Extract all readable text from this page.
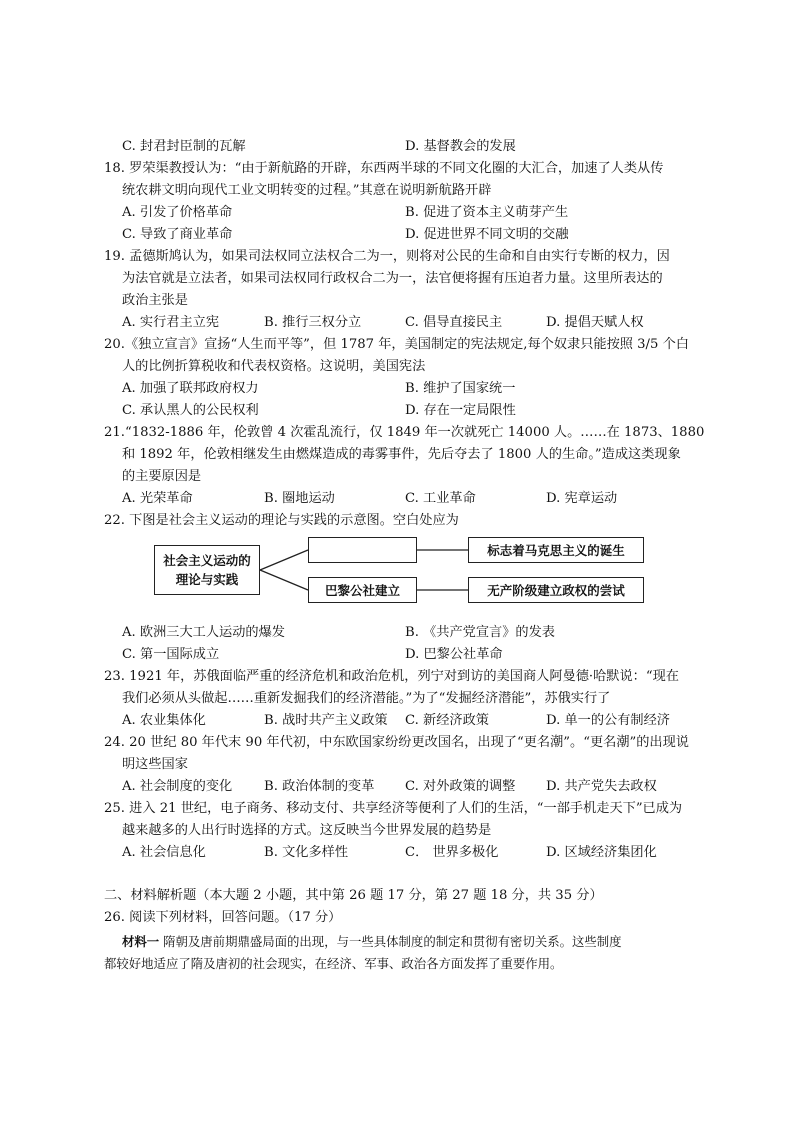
C. 封君封臣制的瓦解	D. 基督教会的发展
18. 罗荣渠教授认为：“由于新航路的开辟，东西两半球的不同文化圈的大汇合，加速了人类从传
统农耕文明向现代工业文明转变的过程。”其意在说明新航路开辟
A. 引发了价格革命	B. 促进了资本主义萌芽产生
C. 导致了商业革命	D. 促进世界不同文明的交融
19. 孟德斯鸠认为，如果司法权同立法权合二为一，则将对公民的生命和自由实行专断的权力，因
为法官就是立法者，如果司法权同行政权合二为一，法官便将握有压迫者力量。这里所表达的
政治主张是
A. 实行君主立宪	B. 推行三权分立	C. 倡导直接民主	D. 提倡天赋人权
20.《独立宣言》宣扬“人生而平等”，但 1787 年，美国制定的宪法规定,每个奴隶只能按照 3/5 个白
人的比例折算税收和代表权资格。这说明，美国宪法
A. 加强了联邦政府权力	B. 维护了国家统一
C. 承认黑人的公民权利	D. 存在一定局限性
21.“1832-1886 年，伦敦曾 4 次霍乱流行，仅 1849 年一次就死亡 14000 人。……在 1873、1880
和 1892 年，伦敦相继发生由燃煤造成的毒雾事件，先后夺去了 1800 人的生命。”造成这类现象
的主要原因是
A. 光荣革命	B. 圈地运动	C. 工业革命	D. 宪章运动
22. 下图是社会主义运动的理论与实践的示意图。空白处应为
社会主义运动的理论与实践
巴黎公社建立
标志着马克思主义的诞生
无产阶级建立政权的尝试
A. 欧洲三大工人运动的爆发	B. 《共产党宣言》的发表
C. 第一国际成立	D. 巴黎公社革命
23. 1921 年，苏俄面临严重的经济危机和政治危机，列宁对到访的美国商人阿曼德·哈默说：“现在
我们必须从头做起……重新发掘我们的经济潜能。”为了“发掘经济潜能”，苏俄实行了
A. 农业集体化	B. 战时共产主义政策 C. 新经济政策	D. 单一的公有制经济
24. 20 世纪 80 年代末 90 年代初，中东欧国家纷纷更改国名，出现了“更名潮”。“更名潮”的出现说
明这些国家
A. 社会制度的变化 B. 政治体制的变革 C. 对外政策的调整 D. 共产党失去政权
25. 进入 21 世纪，电子商务、移动支付、共享经济等便利了人们的生活，“一部手机走天下”已成为
越来越多的人出行时选择的方式。这反映当今世界发展的趋势是
A. 社会信息化	B. 文化多样性	C． 世界多极化	D. 区域经济集团化
二、材料解析题（本大题 2 小题，其中第 26 题 17 分，第 27 题 18 分，共 35 分）
26. 阅读下列材料，回答问题。（17 分）
材料一 隋朝及唐前期鼎盛局面的出现，与一些具体制度的制定和贯彻有密切关系。这些制度
都较好地适应了隋及唐初的社会现实，在经济、军事、政治各方面发挥了重要作用。
